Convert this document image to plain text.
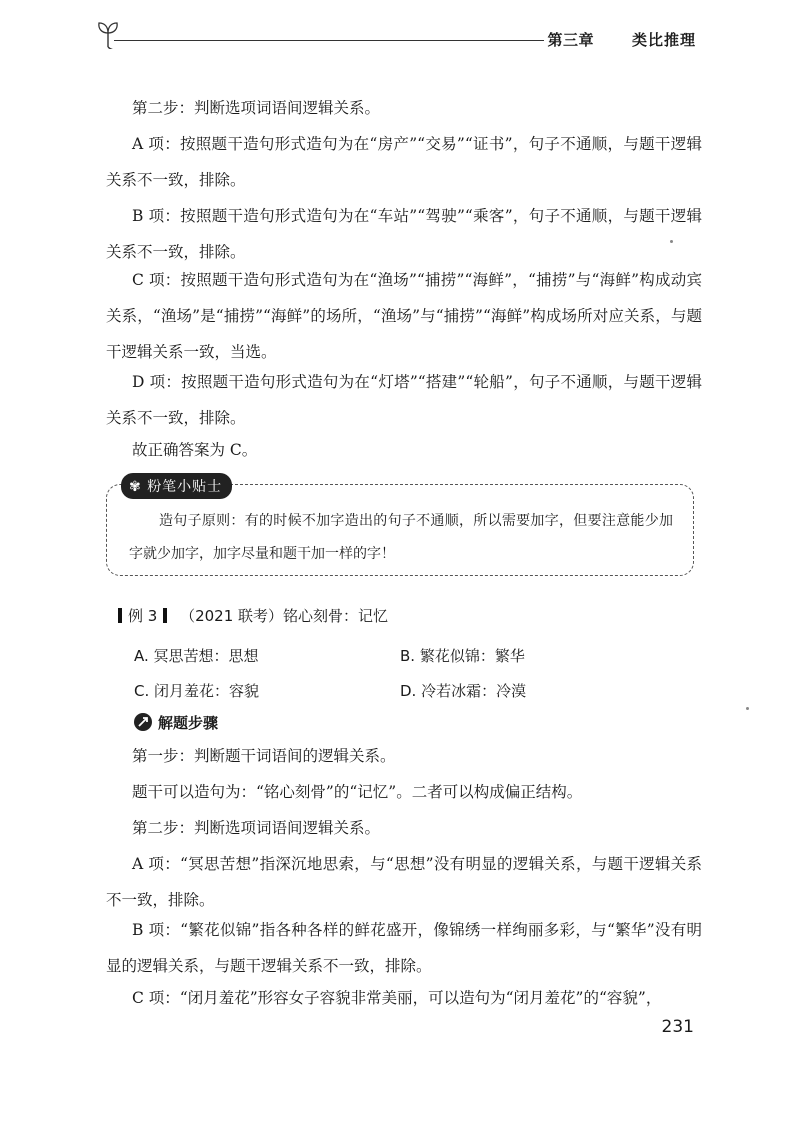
第三章	类比推理
第二步：判断选项词语间逻辑关系。
A 项：按照题干造句形式造句为在“房产”“交易”“证书”，句子不通顺，与题干逻辑关系不一致，排除。
B 项：按照题干造句形式造句为在“车站”“驾驶”“乘客”，句子不通顺，与题干逻辑关系不一致，排除。
C 项：按照题干造句形式造句为在“渔场”“捕捞”“海鲜”，“捕捞”与“海鲜”构成动宾关系，“渔场”是“捕捞”“海鲜”的场所，“渔场”与“捕捞”“海鲜”构成场所对应关系，与题干逻辑关系一致，当选。
D 项：按照题干造句形式造句为在“灯塔”“搭建”“轮船”，句子不通顺，与题干逻辑关系不一致，排除。
故正确答案为 C。
✾ 粉笔小贴士
造句子原则：有的时候不加字造出的句子不通顺，所以需要加字，但要注意能少加字就少加字，加字尽量和题干加一样的字！
例 3 （2021 联考）铭心刻骨：记忆
A. 冥思苦想：思想	B. 繁花似锦：繁华
C. 闭月羞花：容貌	D. 冷若冰霜：冷漠
解题步骤
第一步：判断题干词语间的逻辑关系。
题干可以造句为：“铭心刻骨”的“记忆”。二者可以构成偏正结构。
第二步：判断选项词语间逻辑关系。
A 项：“冥思苦想”指深沉地思索，与“思想”没有明显的逻辑关系，与题干逻辑关系不一致，排除。
B 项：“繁花似锦”指各种各样的鲜花盛开，像锦绣一样绚丽多彩，与“繁华”没有明显的逻辑关系，与题干逻辑关系不一致，排除。
C 项：“闭月羞花”形容女子容貌非常美丽，可以造句为“闭月羞花”的“容貌”，
231
